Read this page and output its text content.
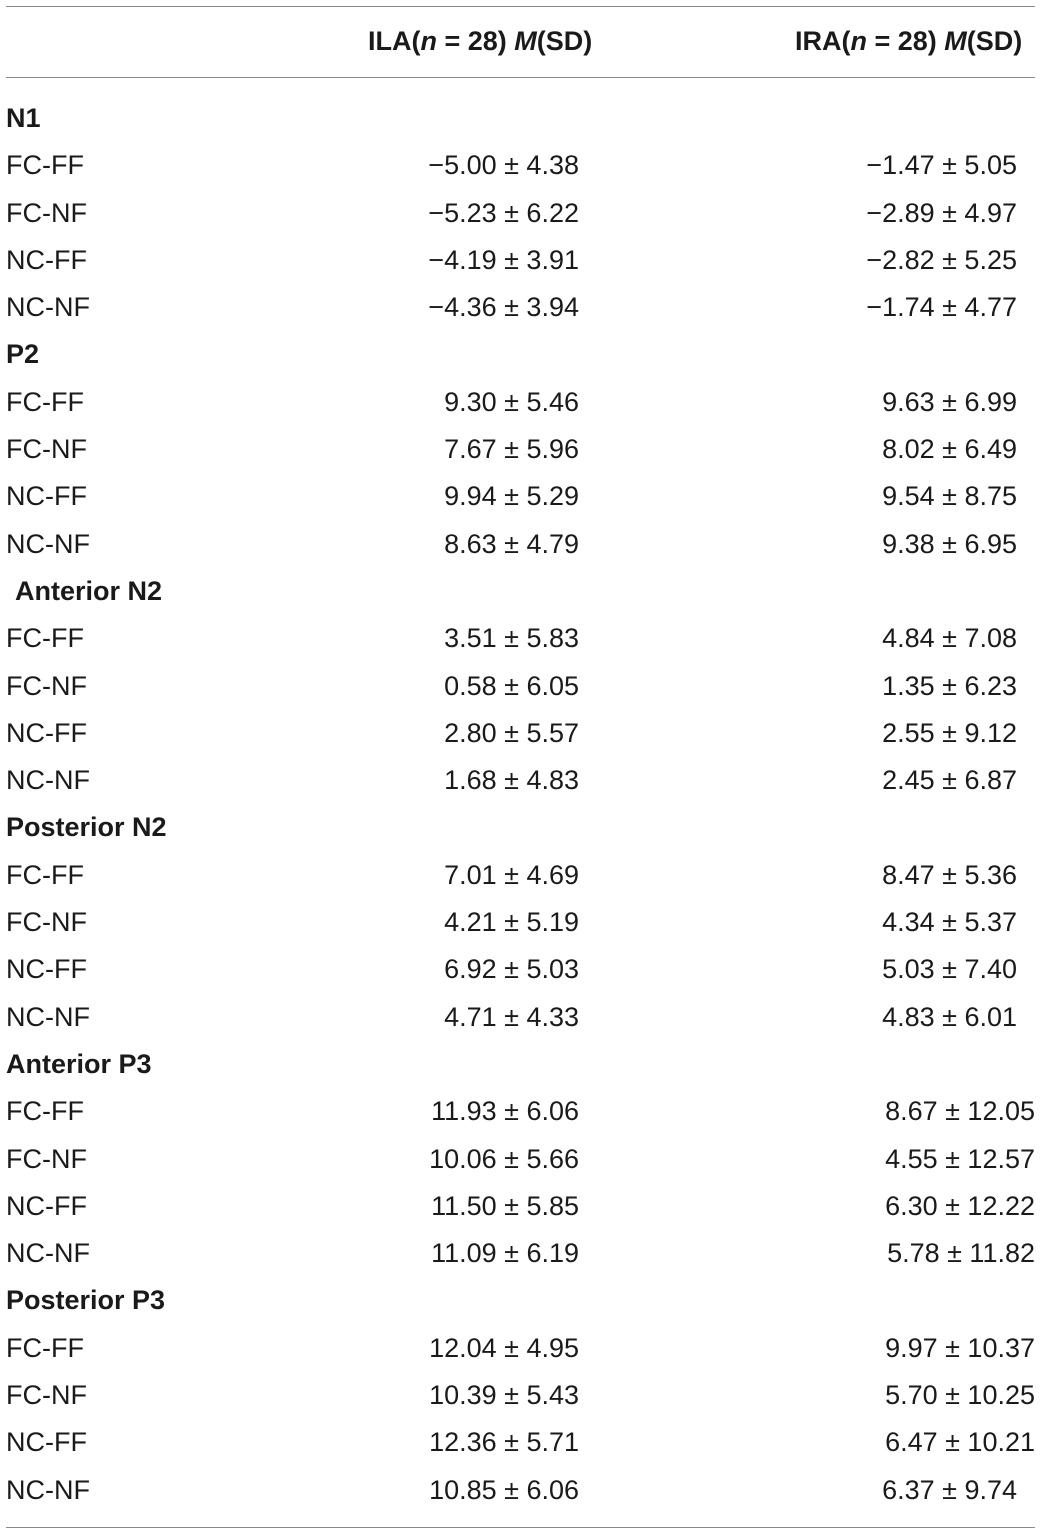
ILA(n = 28) M(SD)	IRA(n = 28) M(SD)
N1
FC-FF	−5.00 ± 4.38	−1.47 ± 5.05
FC-NF	−5.23 ± 6.22	−2.89 ± 4.97
NC-FF	−4.19 ± 3.91	−2.82 ± 5.25
NC-NF	−4.36 ± 3.94	−1.74 ± 4.77
P2
FC-FF	9.30 ± 5.46	9.63 ± 6.99
FC-NF	7.67 ± 5.96	8.02 ± 6.49
NC-FF	9.94 ± 5.29	9.54 ± 8.75
NC-NF	8.63 ± 4.79	9.38 ± 6.95
Anterior N2
FC-FF	3.51 ± 5.83	4.84 ± 7.08
FC-NF	0.58 ± 6.05	1.35 ± 6.23
NC-FF	2.80 ± 5.57	2.55 ± 9.12
NC-NF	1.68 ± 4.83	2.45 ± 6.87
Posterior N2
FC-FF	7.01 ± 4.69	8.47 ± 5.36
FC-NF	4.21 ± 5.19	4.34 ± 5.37
NC-FF	6.92 ± 5.03	5.03 ± 7.40
NC-NF	4.71 ± 4.33	4.83 ± 6.01
Anterior P3
FC-FF	11.93 ± 6.06	8.67 ± 12.05
FC-NF	10.06 ± 5.66	4.55 ± 12.57
NC-FF	11.50 ± 5.85	6.30 ± 12.22
NC-NF	11.09 ± 6.19	5.78 ± 11.82
Posterior P3
FC-FF	12.04 ± 4.95	9.97 ± 10.37
FC-NF	10.39 ± 5.43	5.70 ± 10.25
NC-FF	12.36 ± 5.71	6.47 ± 10.21
NC-NF	10.85 ± 6.06	6.37 ± 9.74
